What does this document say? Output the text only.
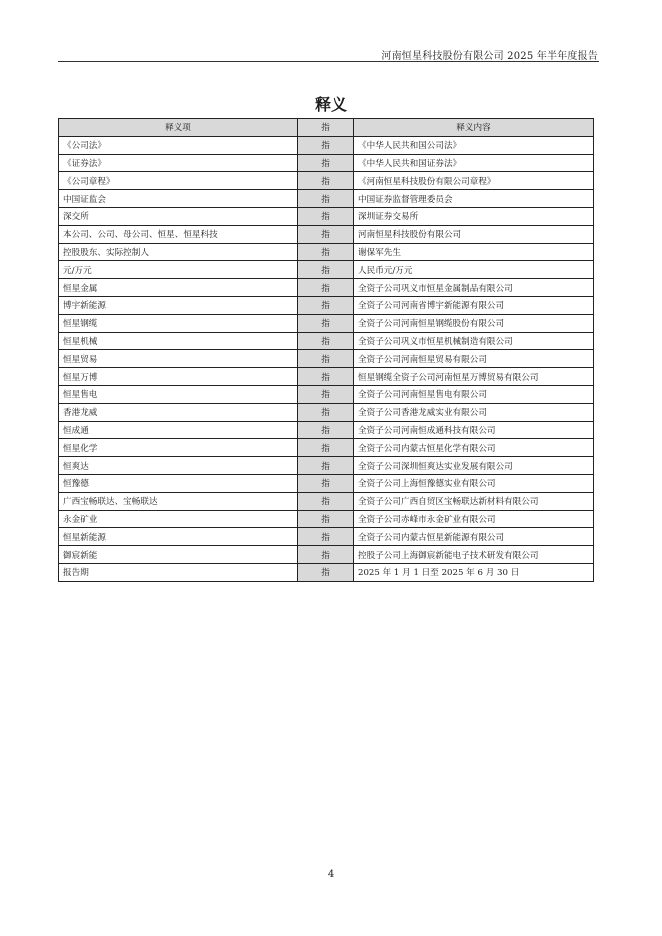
河南恒星科技股份有限公司 2025 年半年度报告
释义
释义项	指	释义内容
《公司法》	指	《中华人民共和国公司法》
《证券法》	指	《中华人民共和国证券法》
《公司章程》	指	《河南恒星科技股份有限公司章程》
中国证监会	指	中国证券监督管理委员会
深交所	指	深圳证券交易所
本公司、公司、母公司、恒星、恒星科技	指	河南恒星科技股份有限公司
控股股东、实际控制人	指	谢保军先生
元/万元	指	人民币元/万元
恒星金属	指	全资子公司巩义市恒星金属制品有限公司
博宇新能源	指	全资子公司河南省博宇新能源有限公司
恒星钢缆	指	全资子公司河南恒星钢缆股份有限公司
恒星机械	指	全资子公司巩义市恒星机械制造有限公司
恒星贸易	指	全资子公司河南恒星贸易有限公司
恒星万博	指	恒星钢缆全资子公司河南恒星万博贸易有限公司
恒星售电	指	全资子公司河南恒星售电有限公司
香港龙威	指	全资子公司香港龙威实业有限公司
恒成通	指	全资子公司河南恒成通科技有限公司
恒星化学	指	全资子公司内蒙古恒星化学有限公司
恒爽达	指	全资子公司深圳恒爽达实业发展有限公司
恒豫德	指	全资子公司上海恒豫德实业有限公司
广西宝畅联达、宝畅联达	指	全资子公司广西自贸区宝畅联达新材料有限公司
永金矿业	指	全资子公司赤峰市永金矿业有限公司
恒星新能源	指	全资子公司内蒙古恒星新能源有限公司
御宸新能	指	控股子公司上海御宸新能电子技术研发有限公司
报告期	指	2025 年 1 月 1 日至 2025 年 6 月 30 日
4
